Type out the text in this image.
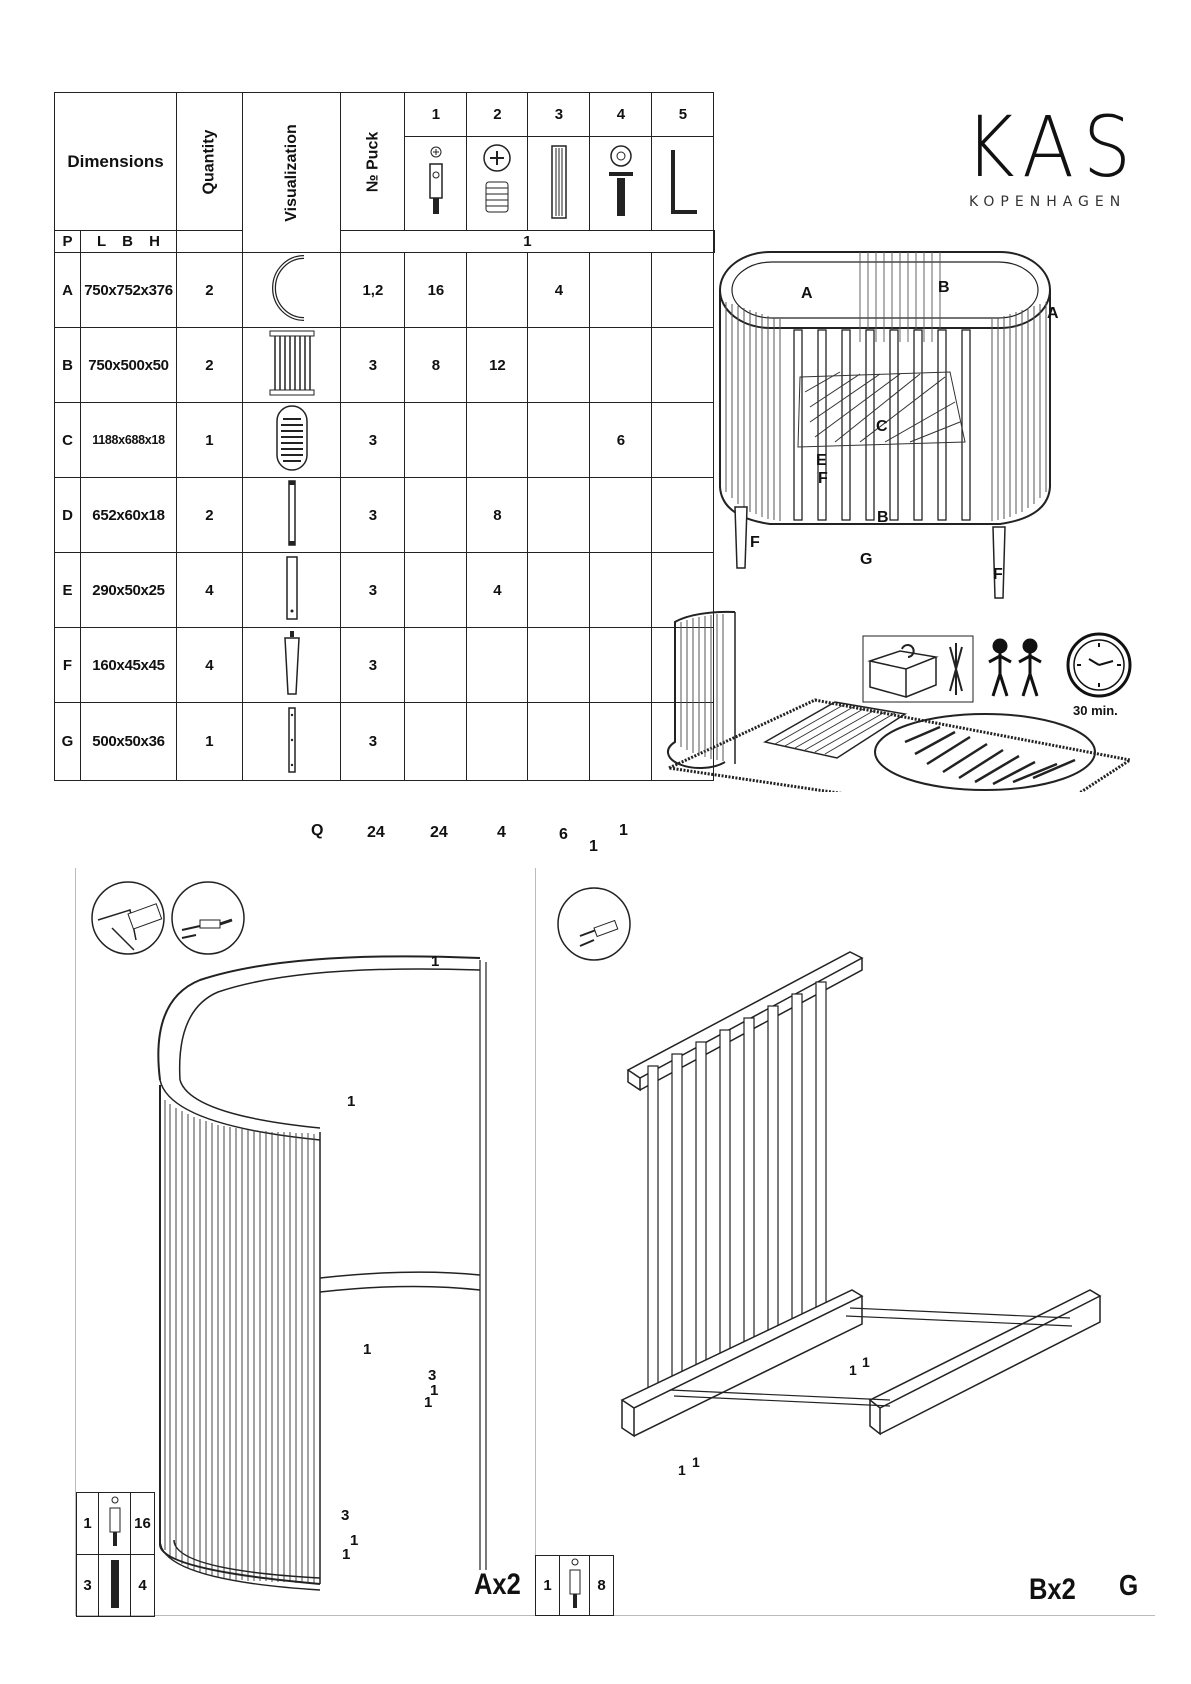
Dimensions		Quantity	Visualization	№ Puck	1	2	3	4	5	

P	L B H			1						
A	750x752x376	2		1,2	16		4			
B	750x500x50	2		3	8	12				
C	1188x688x18	1		3				6		
D	652x60x18	2		3		8				
E	290x50x25	4		3		4				
F	160x45x45	4		3						
G	500x50x36	1		3						
Q	24	24	4	6	1
1
KAS
KOPENHAGEN
A
A
B
B
C
E
F
F
F
G
30 min.
1
1
1
3
1
1
3
1
1
1		16
3		4	Ax2
1 1
1 1
1		8	Bx2 G
